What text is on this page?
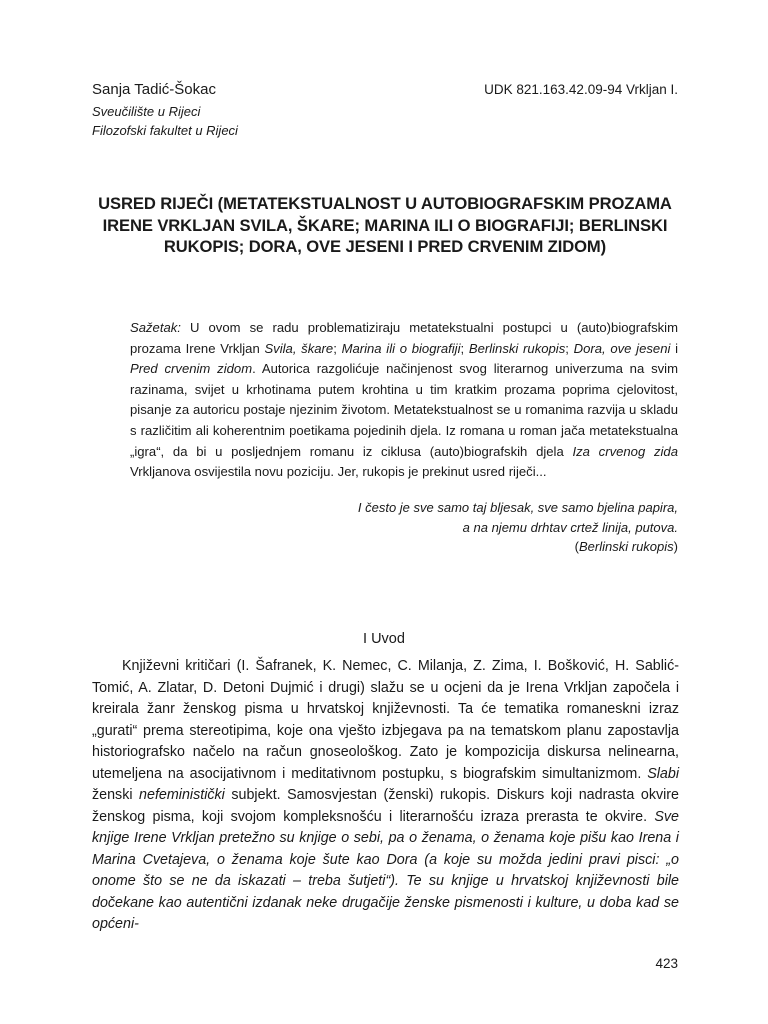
Sanja Tadić-Šokac
Sveučilište u Rijeci
Filozofski fakultet u Rijeci
UDK 821.163.42.09-94 Vrkljan I.
USRED RIJEČI (METATEKSTUALNOST U AUTOBIOGRAFSKIM PROZAMA IRENE VRKLJAN SVILA, ŠKARE; MARINA ILI O BIOGRAFIJI; BERLINSKI RUKOPIS; DORA, OVE JESENI I PRED CRVENIM ZIDOM)
Sažetak: U ovom se radu problematiziraju metatekstualni postupci u (auto)biografskim prozama Irene Vrkljan Svila, škare; Marina ili o biografiji; Berlinski rukopis; Dora, ove jeseni i Pred crvenim zidom. Autorica razgolićuje načinjenost svog literarnog univerzuma na svim razinama, svijet u krhotinama putem krohtina u tim kratkim prozama poprima cjelovitost, pisanje za autoricu postaje njezinim životom. Metatekstualnost se u romanima razvija u skladu s različitim ali koherentnim poetikama pojedinih djela. Iz romana u roman jača metatekstualna „igra“, da bi u posljednjem romanu iz ciklusa (auto)biografskih djela Iza crvenog zida Vrkljanova osvijestila novu poziciju. Jer, rukopis je prekinut usred riječi...
I često je sve samo taj bljesak, sve samo bjelina papira,
a na njemu drhtav crtež linija, putova.
(Berlinski rukopis)
I Uvod
Književni kritičari (I. Šafranek, K. Nemec, C. Milanja, Z. Zima, I. Bošković, H. Sablić-Tomić, A. Zlatar, D. Detoni Dujmić i drugi) slažu se u ocjeni da je Irena Vrkljan započela i kreirala žanr ženskog pisma u hrvatskoj književnosti. Ta će tematika romaneskni izraz „gurati“ prema stereotipima, koje ona vješto izbjegava pa na tematskom planu zapostavlja historiografsko načelo na račun gnoseološkog. Zato je kompozicija diskursa nelinearna, utemeljena na asocijativnom i meditativnom postupku, s biografskim simultanizmom. Slabi ženski nefeministički subjekt. Samosvjestan (ženski) rukopis. Diskurs koji nadrasta okvire ženskog pisma, koji svojom kompleksnošću i literarnošću izraza prerasta te okvire. Sve knjige Irene Vrkljan pretežno su knjige o sebi, pa o ženama, o ženama koje pišu kao Irena i Marina Cvetajeva, o ženama koje šute kao Dora (a koje su možda jedini pravi pisci: „o onome što se ne da iskazati – treba šutjeti“). Te su knjige u hrvatskoj književnosti bile dočekane kao autentični izdanak neke drugačije ženske pismenosti i kulture, u doba kad se općeni-
423
